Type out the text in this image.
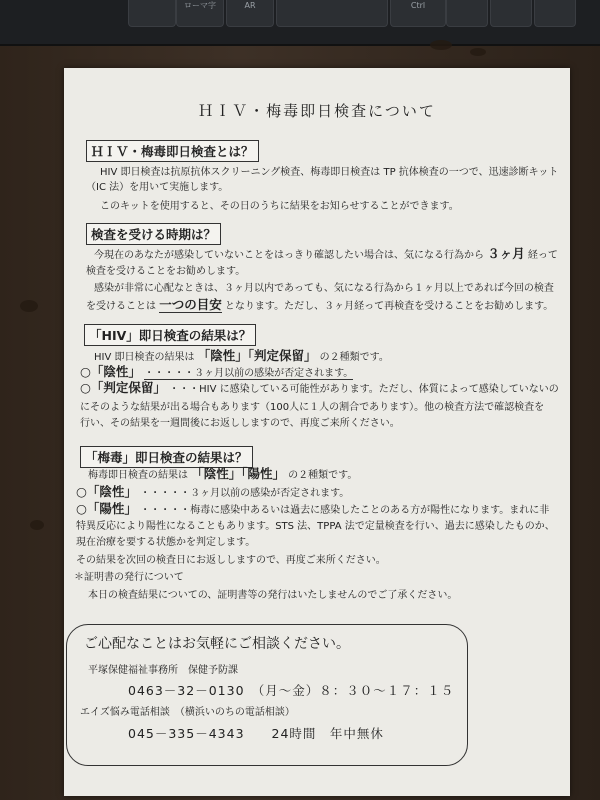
ローマ字	AR	Ctrl
ＨＩＶ・梅毒即日検査について
ＨＩＶ・梅毒即日検査とは？
HIV 即日検査は抗原抗体スクリーニング検査、梅毒即日検査は TP 抗体検査の一つで、迅速診断キット
（IC 法）を用いて実施します。
このキットを使用すると、その日のうちに結果をお知らせすることができます。
検査を受ける時期は？
今現在のあなたが感染していないことをはっきり確認したい場合は、気になる行為から ３ヶ月 経って
検査を受けることをお勧めします。
感染が非常に心配なときは、３ヶ月以内であっても、気になる行為から１ヶ月以上であれば今回の検査
を受けることは 一つの目安 となります。ただし、３ヶ月経って再検査を受けることをお勧めします。
「HIV」即日検査の結果は？
HIV 即日検査の結果は 「陰性」「判定保留」 の２種類です。
○「陰性」 ・・・・・３ヶ月以前の感染が否定されます。
○「判定保留」 ・・・HIV に感染している可能性があります。ただし、体質によって感染していないの
にそのような結果が出る場合もあります（100人に１人の割合であります）。他の検査方法で確認検査を
行い、その結果を一週間後にお返ししますので、再度ご来所ください。
「梅毒」即日検査の結果は？
梅毒即日検査の結果は 「陰性」「陽性」 の２種類です。
○「陰性」 ・・・・・３ヶ月以前の感染が否定されます。
○「陽性」 ・・・・・梅毒に感染中あるいは過去に感染したことのある方が陽性になります。まれに非
特異反応により陽性になることもあります。STS 法、TPPA 法で定量検査を行い、過去に感染したものか、
現在治療を要する状態かを判定します。
その結果を次回の検査日にお返ししますので、再度ご来所ください。
＊証明書の発行について
本日の検査結果についての、証明書等の発行はいたしませんのでご了承ください。
ご心配なことはお気軽にご相談ください。
平塚保健福祉事務所　保健予防課
0463－32－0130　（月～金）８：３０～１７：１５
エイズ悩み電話相談　（横浜いのちの電話相談）
045－335－4343　　24時間　年中無休
